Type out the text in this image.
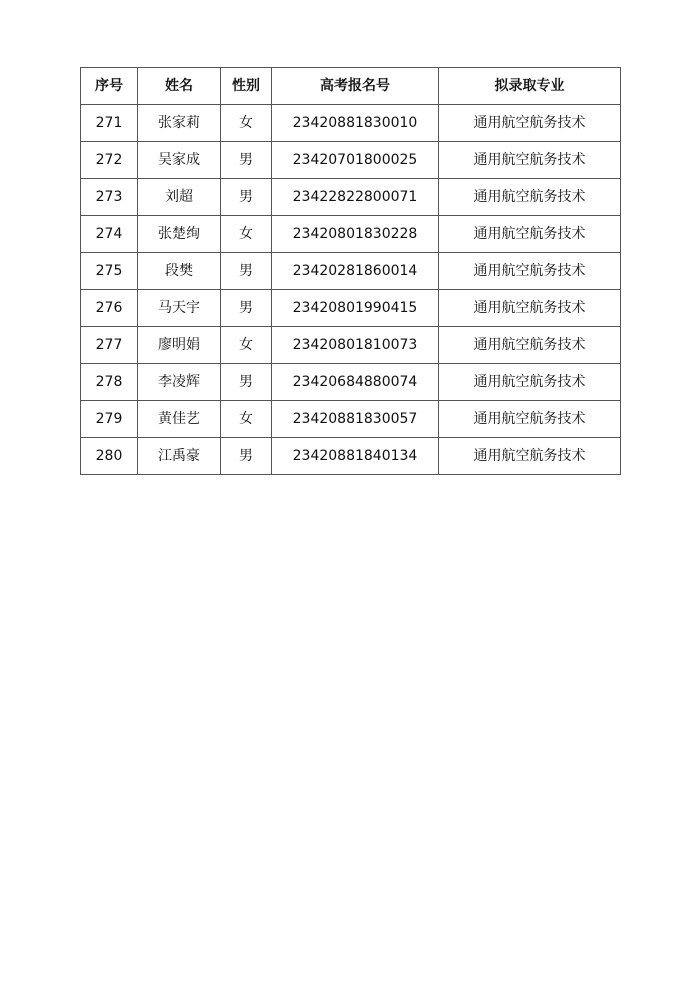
序号	姓名	性别	高考报名号	拟录取专业
271	张家莉	女	23420881830010	通用航空航务技术
272	吴家成	男	23420701800025	通用航空航务技术
273	刘超	男	23422822800071	通用航空航务技术
274	张楚绚	女	23420801830228	通用航空航务技术
275	段樊	男	23420281860014	通用航空航务技术
276	马天宇	男	23420801990415	通用航空航务技术
277	廖明娟	女	23420801810073	通用航空航务技术
278	李凌辉	男	23420684880074	通用航空航务技术
279	黄佳艺	女	23420881830057	通用航空航务技术
280	江禹豪	男	23420881840134	通用航空航务技术
